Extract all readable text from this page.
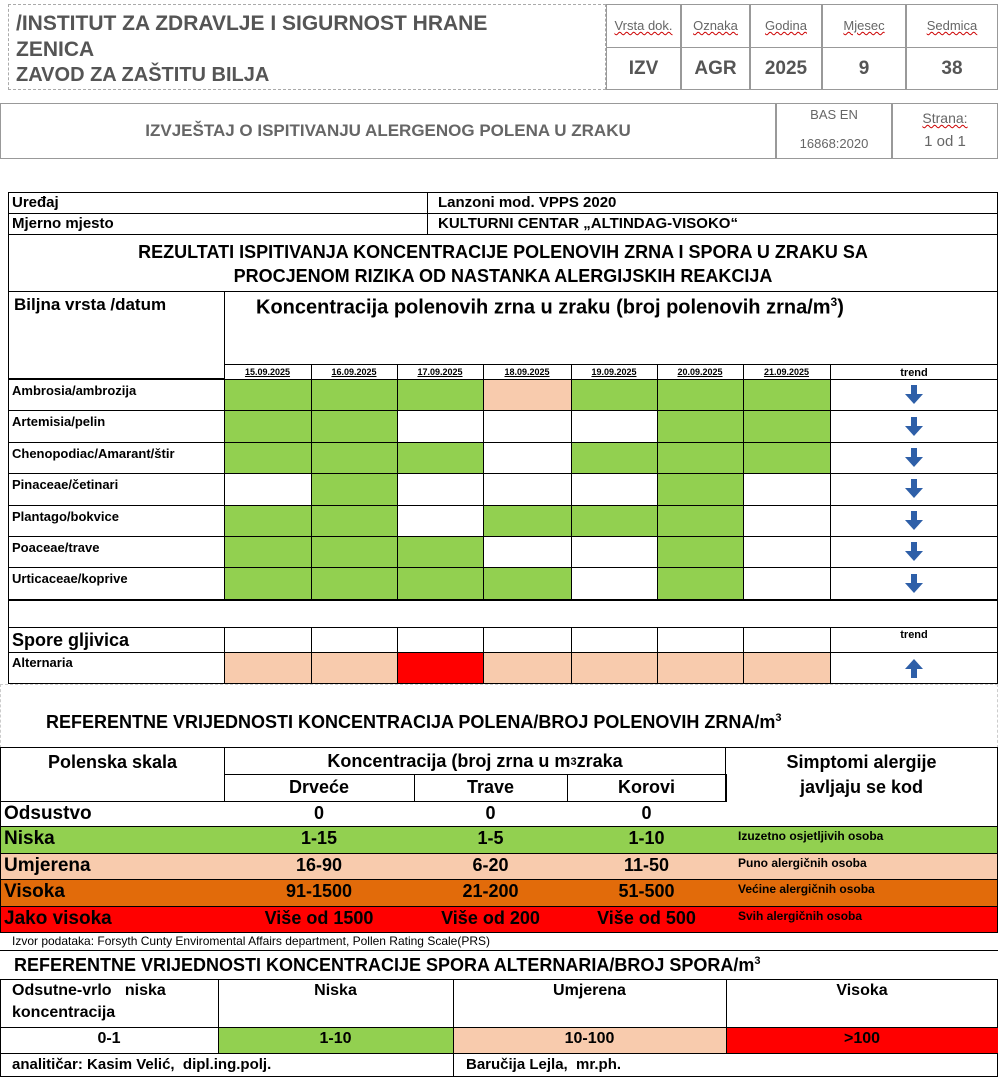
/INSTITUT ZA ZDRAVLJE I SIGURNOST HRANE
ZENICA
ZAVOD ZA ZAŠTITU BILJA
Vrsta dok.
IZV
Oznaka
AGR
Godina
2025
Mjesec
9
Sedmica
38
IZVJEŠTAJ O ISPITIVANJU ALERGENOG POLENA U ZRAKU
BAS EN
16868:2020
Strana:
1 od 1
Uređaj	Lanzoni mod. VPPS 2020
Mjerno mjesto	KULTURNI CENTAR „ALTINDAG-VISOKO“
REZULTATI ISPITIVANJA KONCENTRACIJE POLENOVIH ZRNA I SPORA U ZRAKU SA
PROCJENOM RIZIKA OD NASTANKA ALERGIJSKIH REAKCIJA
Biljna vrsta /datum	Koncentracija polenovih zrna u zraku (broj polenovih zrna/$m^3$)
15.09.2025	16.09.2025	17.09.2025	18.09.2025	19.09.2025	20.09.2025	21.09.2025	trend
Ambrosia/ambrozija
Artemisia/pelin
Chenopodiac/Amarant/štir
Pinaceae/četinari
Plantago/bokvice
Poaceae/trave
Urticaceae/koprive
Spore gljivica	trend
Alternaria
REFERENTNE VRIJEDNOSTI KONCENTRACIJA POLENA/BROJ POLENOVIH ZRNA/$m^3$
Polenska skala	Koncentracija (broj zrna u m 3 zraka
Drveće	Trave	Korovi
Simptomi alergije
javljaju se kod
Odsustvo	0	0	0
Niska	1-15	1-5	1-10	Izuzetno osjetljivih osoba
Umjerena	16-90	6-20	11-50	Puno alergičnih osoba
Visoka	91-1500	21-200	51-500	Većine alergičnih osoba
Jako visoka	Više od 1500	Više od 200	Više od 500	Svih alergičnih osoba
Izvor podataka: Forsyth Cunty Enviromental Affairs department, Pollen Rating Scale(PRS)
REFERENTNE VRIJEDNOSTI KONCENTRACIJE SPORA ALTERNARIA/BROJ SPORA/$m^3$
Odsutne-vrlo   niska
koncentracija
Niska	Umjerena	Visoka
0-1	1-10	10-100	>100
analitičar: Kasim Velić,  dipl.ing.polj.	Baručija Lejla,  mr.ph.
